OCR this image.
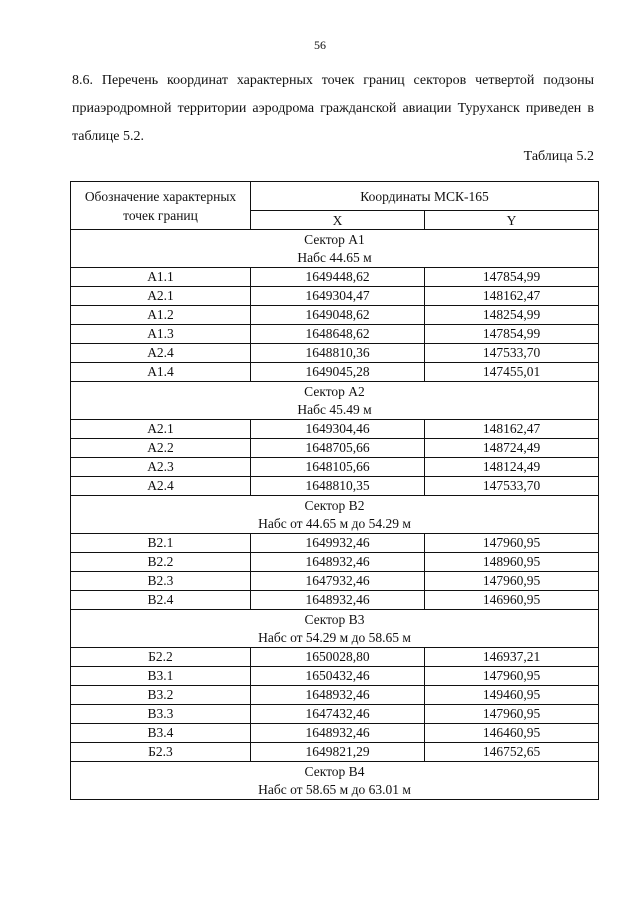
56
8.6. Перечень координат характерных точек границ секторов четвертой подзоны приаэродромной территории аэродрома гражданской авиации Туруханск приведен в таблице 5.2.
Таблица 5.2
Обозначение характерных точек границ	Координаты МСК-165	
	X	Y

Сектор А1
Набс 44.65 м		

А1.1	1649448,62	147854,99
А2.1	1649304,47	148162,47
А1.2	1649048,62	148254,99
А1.3	1648648,62	147854,99
А2.4	1648810,36	147533,70
А1.4	1649045,28	147455,01

Сектор А2
Набс 45.49 м		

А2.1	1649304,46	148162,47
А2.2	1648705,66	148724,49
А2.3	1648105,66	148124,49
А2.4	1648810,35	147533,70

Сектор В2
Набс от 44.65 м до 54.29 м		

В2.1	1649932,46	147960,95
В2.2	1648932,46	148960,95
В2.3	1647932,46	147960,95
В2.4	1648932,46	146960,95

Сектор В3
Набс от 54.29 м до 58.65 м		

Б2.2	1650028,80	146937,21
В3.1	1650432,46	147960,95
В3.2	1648932,46	149460,95
В3.3	1647432,46	147960,95
В3.4	1648932,46	146460,95
Б2.3	1649821,29	146752,65

Сектор В4
Набс от 58.65 м до 63.01 м		
